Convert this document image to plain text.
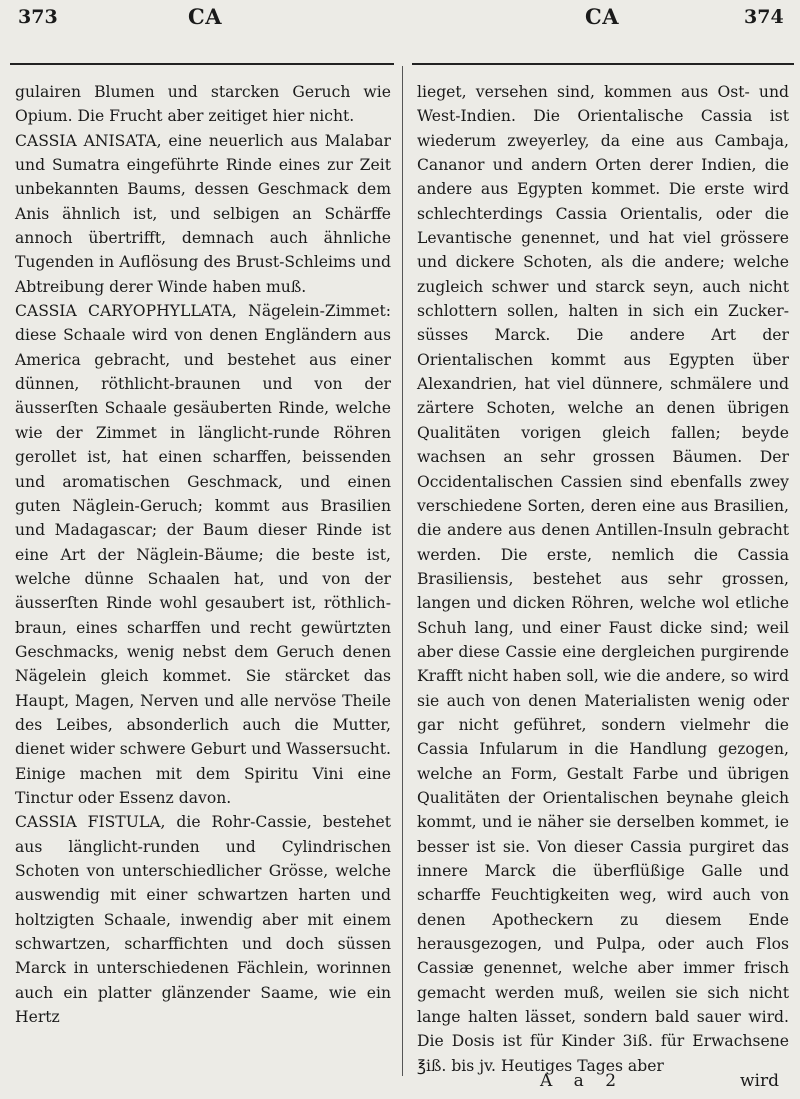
373	CA	CA	374
gulairen Blumen und starcken Geruch wie Opium. Die Frucht aber zeitiget hier nicht.
CASSIA ANISATA, eine neuerlich aus Malabar und Sumatra eingeführte Rinde eines zur Zeit unbekannten Baums, dessen Geschmack dem Anis ähnlich ist, und selbigen an Schärffe annoch übertrifft, demnach auch ähnliche Tugenden in Auflösung des Brust-Schleims und Abtreibung derer Winde haben muß.
CASSIA CARYOPHYLLATA, Nägelein-Zimmet: diese Schaale wird von denen Engländern aus America gebracht, und bestehet aus einer dünnen, röthlicht-braunen und von der äusserſten Schaale gesäuberten Rinde, welche wie der Zimmet in länglicht-runde Röhren gerollet ist, hat einen scharffen, beissenden und aromatischen Geschmack, und einen guten Näglein-Geruch; kommt aus Brasilien und Madagascar; der Baum dieser Rinde ist eine Art der Näglein-Bäume; die beste ist, welche dünne Schaalen hat, und von der äusserſten Rinde wohl gesaubert ist, röthlich-braun, eines scharffen und recht gewürtzten Geschmacks, wenig nebst dem Geruch denen Nägelein gleich kommet. Sie stärcket das Haupt, Magen, Nerven und alle nervöse Theile des Leibes, absonderlich auch die Mutter, dienet wider schwere Geburt und Wassersucht. Einige machen mit dem Spiritu Vini eine Tinctur oder Essenz davon.
CASSIA FISTULA, die Rohr-Cassie, bestehet aus länglicht-runden und Cylindrischen Schoten von unterschiedlicher Grösse, welche auswendig mit einer schwartzen harten und holtzigten Schaale, inwendig aber mit einem schwartzen, scharffichten und doch süssen Marck in unterschiedenen Fächlein, worinnen auch ein platter glänzender Saame, wie ein Hertz
lieget, versehen sind, kommen aus Ost- und West-Indien. Die Orientalische Cassia ist wiederum zweyerley, da eine aus Cambaja, Cananor und andern Orten derer Indien, die andere aus Egypten kommet. Die erste wird schlechterdings Cassia Orientalis, oder die Levantische genennet, und hat viel grössere und dickere Schoten, als die andere; welche zugleich schwer und starck seyn, auch nicht schlottern sollen, halten in sich ein Zucker-süsses Marck. Die andere Art der Orientalischen kommt aus Egypten über Alexandrien, hat viel dünnere, schmälere und zärtere Schoten, welche an denen übrigen Qualitäten vorigen gleich fallen; beyde wachsen an sehr grossen Bäumen. Der Occidentalischen Cassien sind ebenfalls zwey verschiedene Sorten, deren eine aus Brasilien, die andere aus denen Antillen-Insuln gebracht werden. Die erste, nemlich die Cassia Brasiliensis, bestehet aus sehr grossen, langen und dicken Röhren, welche wol etliche Schuh lang, und einer Faust dicke sind; weil aber diese Cassie eine dergleichen purgirende Krafft nicht haben soll, wie die andere, so wird sie auch von denen Materialisten wenig oder gar nicht geführet, sondern vielmehr die Cassia Infularum in die Handlung gezogen, welche an Form, Gestalt Farbe und übrigen Qualitäten der Orientalischen beynahe gleich kommt, und ie näher sie derselben kommet, ie besser ist sie. Von dieser Cassia purgiret das innere Marck die überflüßige Galle und scharffe Feuchtigkeiten weg, wird auch von denen Apotheckern zu diesem Ende herausgezogen, und Pulpa, oder auch Flos Cassiæ genennet, welche aber immer frisch gemacht werden muß, weilen sie sich nicht lange halten lässet, sondern bald sauer wird. Die Dosis ist für Kinder 3iß. für Erwachsene ℥iß. bis jv. Heutiges Tages aber
A a 2	wird
